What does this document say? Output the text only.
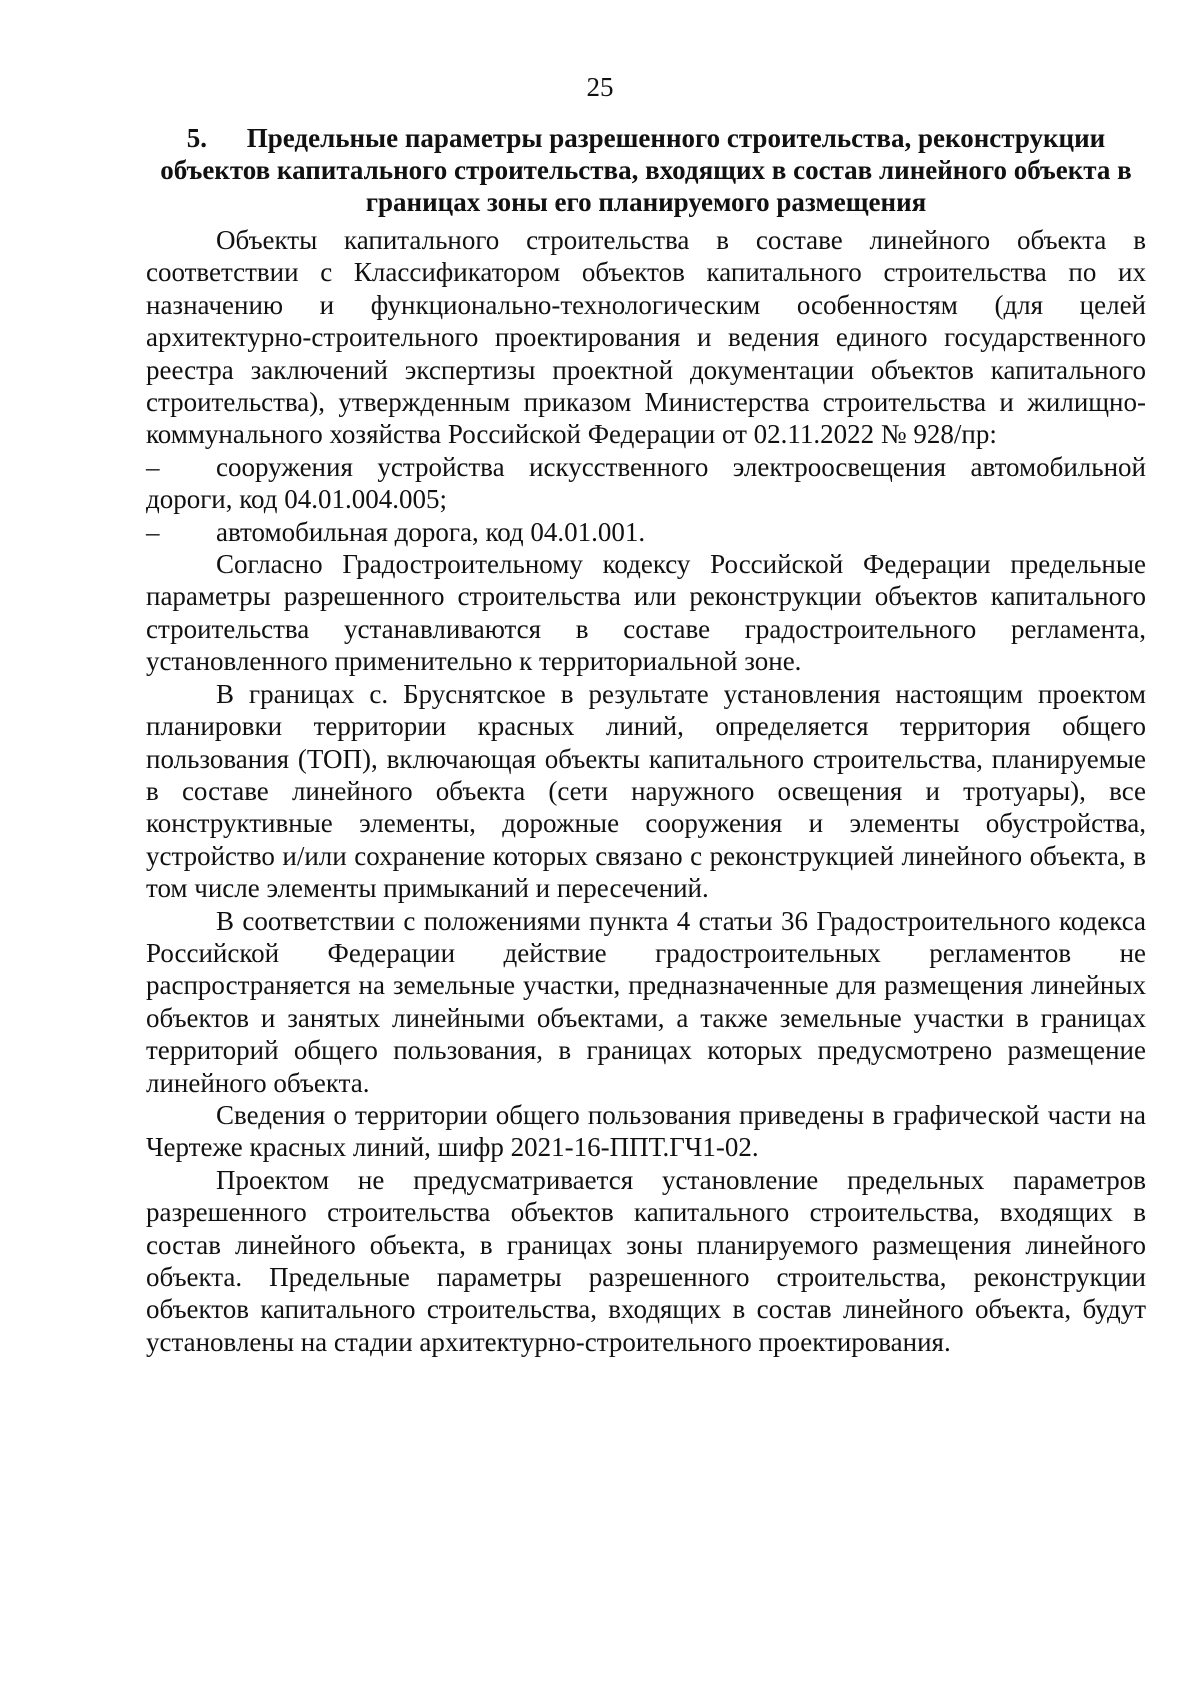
25

5. Предельные параметры разрешенного строительства, реконструкции объектов капитального строительства, входящих в состав линейного объекта в границах зоны его планируемого размещения

Объекты капитального строительства в составе линейного объекта в соответствии с Классификатором объектов капитального строительства по их назначению и функционально-технологическим особенностям (для целей архитектурно-строительного проектирования и ведения единого государственного реестра заключений экспертизы проектной документации объектов капитального строительства), утвержденным приказом Министерства строительства и жилищно-коммунального хозяйства Российской Федерации от 02.11.2022 № 928/пр:

– сооружения устройства искусственного электроосвещения автомобильной дороги, код 04.01.004.005;

– автомобильная дорога, код 04.01.001.

Согласно Градостроительному кодексу Российской Федерации предельные параметры разрешенного строительства или реконструкции объектов капитального строительства устанавливаются в составе градостроительного регламента, установленного применительно к территориальной зоне.

В границах с. Бруснятское в результате установления настоящим проектом планировки территории красных линий, определяется территория общего пользования (ТОП), включающая объекты капитального строительства, планируемые в составе линейного объекта (сети наружного освещения и тротуары), все конструктивные элементы, дорожные сооружения и элементы обустройства, устройство и/или сохранение которых связано с реконструкцией линейного объекта, в том числе элементы примыканий и пересечений.

В соответствии с положениями пункта 4 статьи 36 Градостроительного кодекса Российской Федерации действие градостроительных регламентов не распространяется на земельные участки, предназначенные для размещения линейных объектов и занятых линейными объектами, а также земельные участки в границах территорий общего пользования, в границах которых предусмотрено размещение линейного объекта.

Сведения о территории общего пользования приведены в графической части на Чертеже красных линий, шифр 2021-16-ППТ.ГЧ1-02.

Проектом не предусматривается установление предельных параметров разрешенного строительства объектов капитального строительства, входящих в состав линейного объекта, в границах зоны планируемого размещения линейного объекта. Предельные параметры разрешенного строительства, реконструкции объектов капитального строительства, входящих в состав линейного объекта, будут установлены на стадии архитектурно-строительного проектирования.
